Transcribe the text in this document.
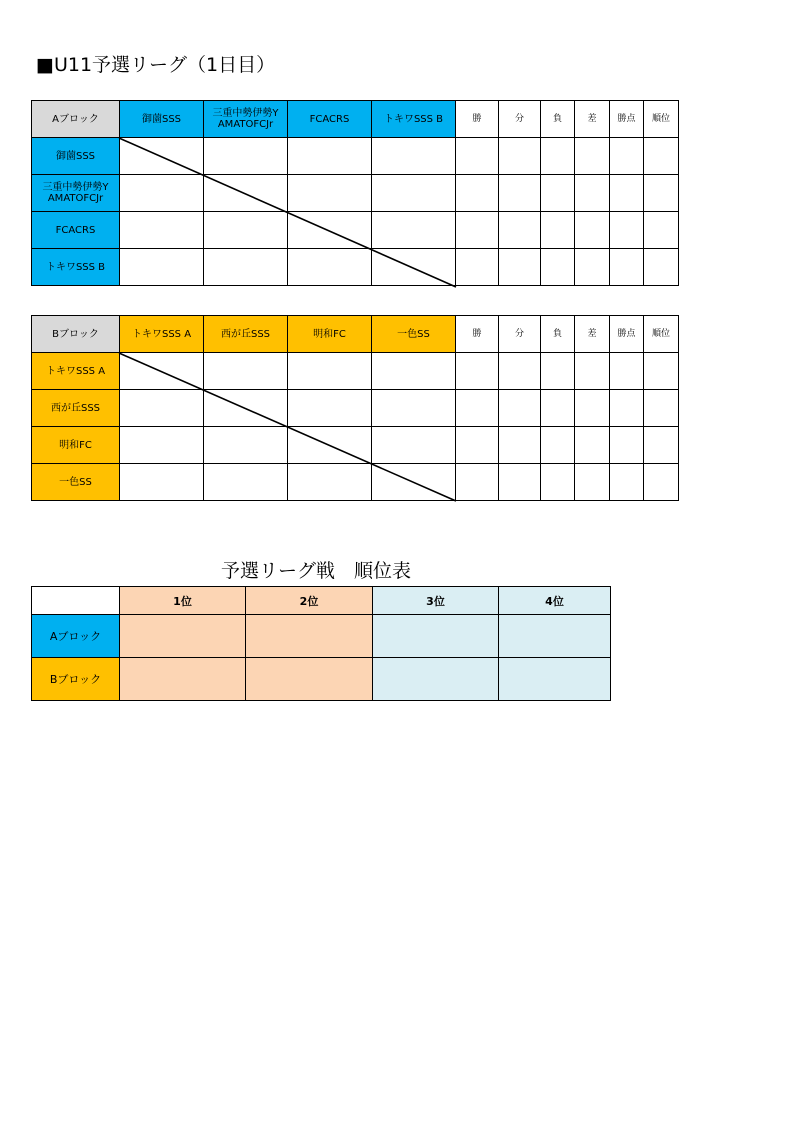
■U11予選リーグ（1日目）
Aブロック	御薗SSS	三重中勢伊勢Y
AMATOFCJr	FCACRS	トキワSSS B	勝	分	負	差	勝点	順位
御薗SSS										
三重中勢伊勢Y
AMATOFCJr										
FCACRS										
トキワSSS B										
Bブロック	トキワSSS A	西が丘SSS	明和FC	一色SS	勝	分	負	差	勝点	順位
トキワSSS A										
西が丘SSS										
明和FC										
一色SS										
予選リーグ戦　順位表
	1位	2位	3位	4位
Aブロック				
Bブロック				
